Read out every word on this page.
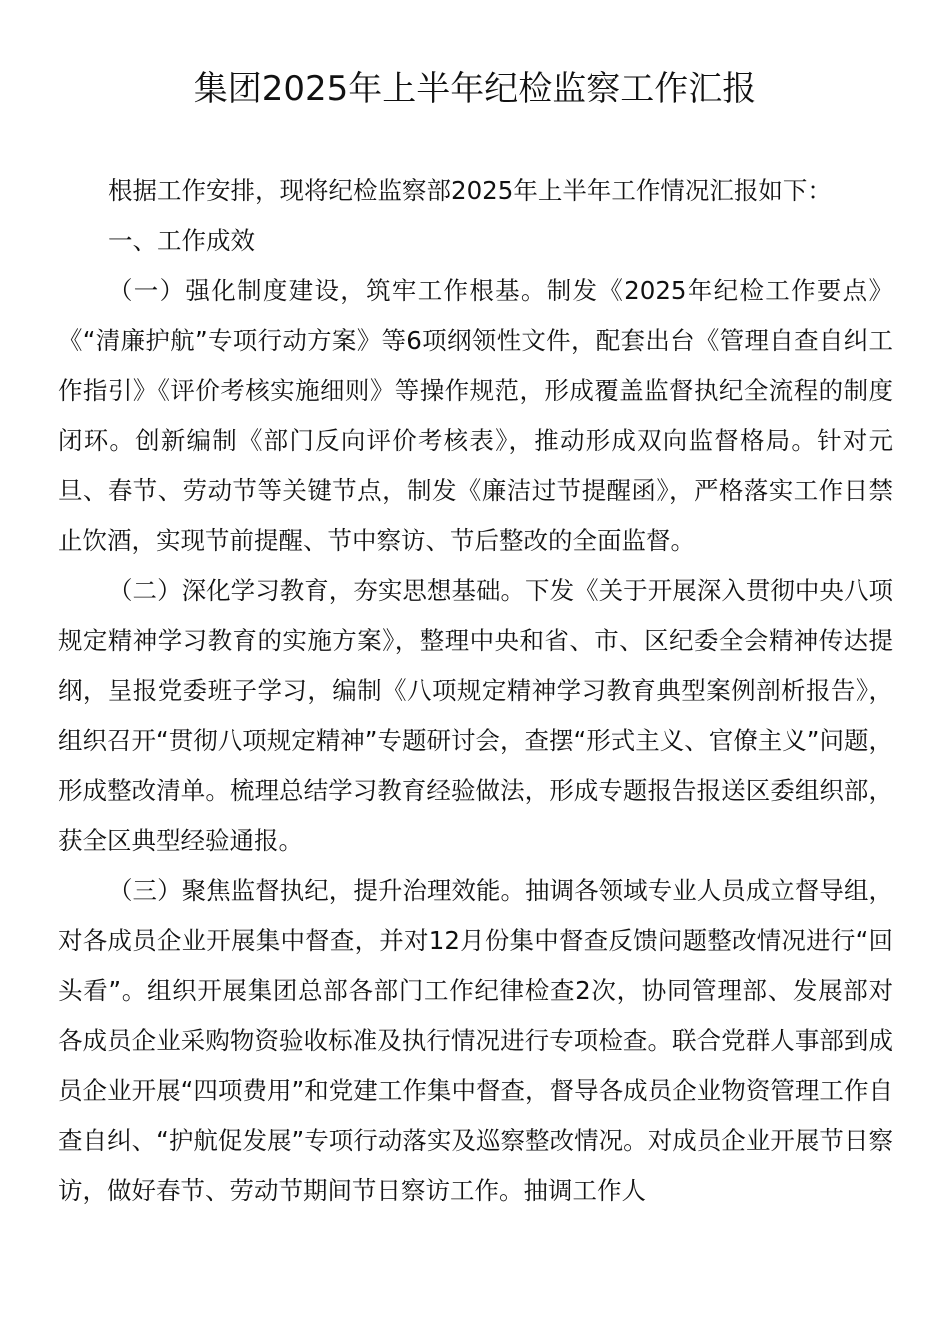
集团2025年上半年纪检监察工作汇报

根据工作安排，现将纪检监察部2025年上半年工作情况汇报如下：

一、工作成效

（一）强化制度建设，筑牢工作根基。制发《2025年纪检工作要点》《“清廉护航”专项行动方案》等6项纲领性文件，配套出台《管理自查自纠工作指引》《评价考核实施细则》等操作规范，形成覆盖监督执纪全流程的制度闭环。创新编制《部门反向评价考核表》，推动形成双向监督格局。针对元旦、春节、劳动节等关键节点，制发《廉洁过节提醒函》，严格落实工作日禁止饮酒，实现节前提醒、节中察访、节后整改的全面监督。

（二）深化学习教育，夯实思想基础。下发《关于开展深入贯彻中央八项规定精神学习教育的实施方案》，整理中央和省、市、区纪委全会精神传达提纲，呈报党委班子学习，编制《八项规定精神学习教育典型案例剖析报告》，组织召开“贯彻八项规定精神”专题研讨会，查摆“形式主义、官僚主义”问题，形成整改清单。梳理总结学习教育经验做法，形成专题报告报送区委组织部，获全区典型经验通报。

（三）聚焦监督执纪，提升治理效能。抽调各领域专业人员成立督导组，对各成员企业开展集中督查，并对12月份集中督查反馈问题整改情况进行“回头看”。组织开展集团总部各部门工作纪律检查2次，协同管理部、发展部对各成员企业采购物资验收标准及执行情况进行专项检查。联合党群人事部到成员企业开展“四项费用”和党建工作集中督查，督导各成员企业物资管理工作自查自纠、“护航促发展”专项行动落实及巡察整改情况。对成员企业开展节日察访，做好春节、劳动节期间节日察访工作。抽调工作人
